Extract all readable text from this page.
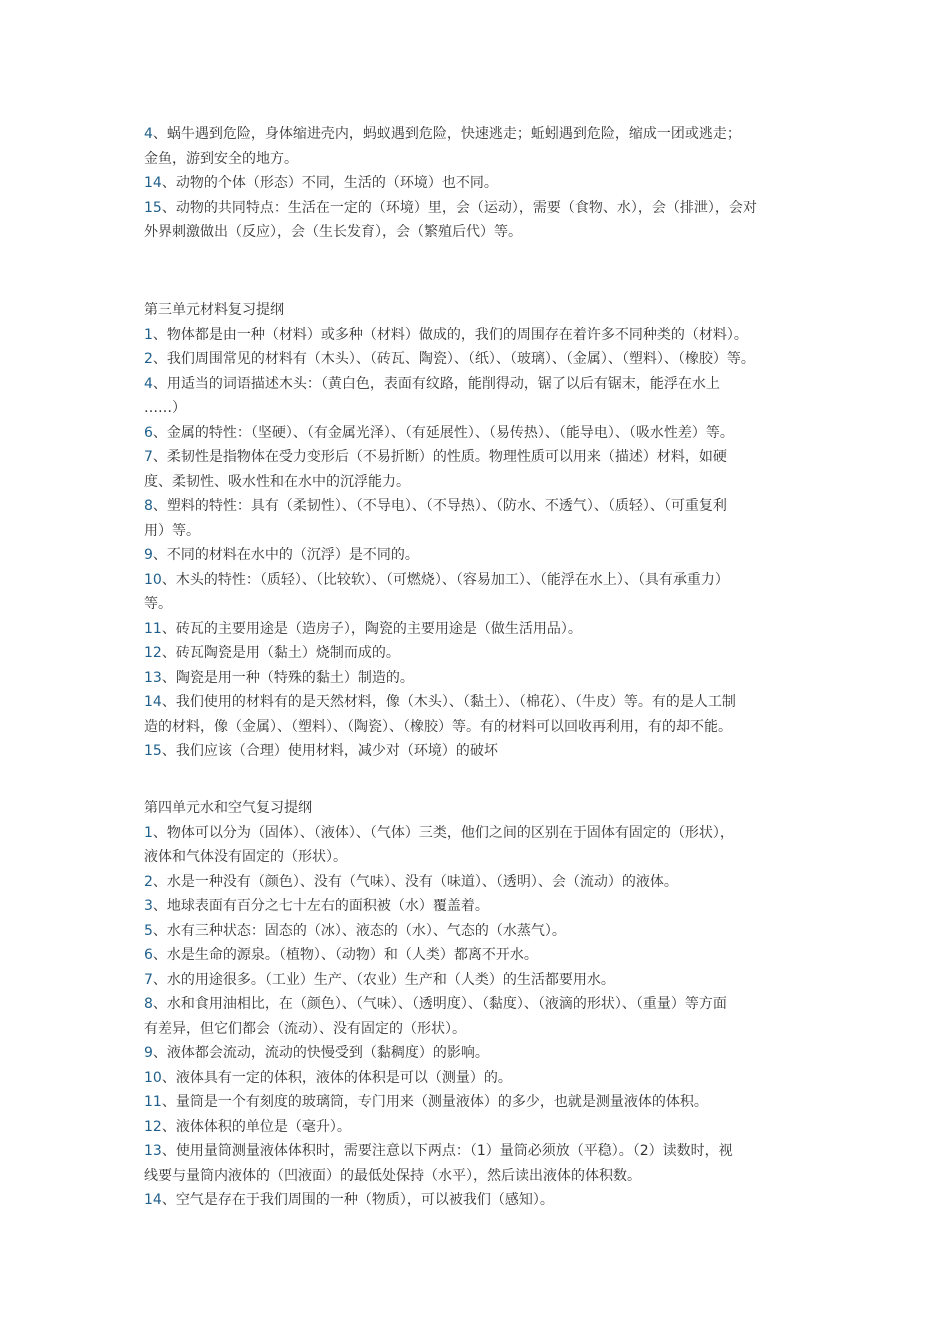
4、蜗牛遇到危险，身体缩进壳内，蚂蚁遇到危险，快速逃走；蚯蚓遇到危险，缩成一团或逃走；
金鱼，游到安全的地方。
14、动物的个体（形态）不同，生活的（环境）也不同。
15、动物的共同特点：生活在一定的（环境）里，会（运动），需要（食物、水），会（排泄），会对
外界刺激做出（反应），会（生长发育），会（繁殖后代）等。
第三单元材料复习提纲
1、物体都是由一种（材料）或多种（材料）做成的，我们的周围存在着许多不同种类的（材料）。
2、我们周围常见的材料有（木头）、（砖瓦、陶瓷）、（纸）、（玻璃）、（金属）、（塑料）、（橡胶）等。
4、用适当的词语描述木头：（黄白色，表面有纹路，能削得动，锯了以后有锯末，能浮在水上
……）
6、金属的特性：（坚硬）、（有金属光泽）、（有延展性）、（易传热）、（能导电）、（吸水性差）等。
7、柔韧性是指物体在受力变形后（不易折断）的性质。物理性质可以用来（描述）材料，如硬
度、柔韧性、吸水性和在水中的沉浮能力。
8、塑料的特性：具有（柔韧性）、（不导电）、（不导热）、（防水、不透气）、（质轻）、（可重复利
用）等。
9、不同的材料在水中的（沉浮）是不同的。
10、木头的特性：（质轻）、（比较软）、（可燃烧）、（容易加工）、（能浮在水上）、（具有承重力）
等。
11、砖瓦的主要用途是（造房子），陶瓷的主要用途是（做生活用品）。
12、砖瓦陶瓷是用（黏土）烧制而成的。
13、陶瓷是用一种（特殊的黏土）制造的。
14、我们使用的材料有的是天然材料，像（木头）、（黏土）、（棉花）、（牛皮）等。有的是人工制
造的材料，像（金属）、（塑料）、（陶瓷）、（橡胶）等。有的材料可以回收再利用，有的却不能。
15、我们应该（合理）使用材料，减少对（环境）的破坏
第四单元水和空气复习提纲
1、物体可以分为（固体）、（液体）、（气体）三类，他们之间的区别在于固体有固定的（形状），
液体和气体没有固定的（形状）。
2、水是一种没有（颜色）、没有（气味）、没有（味道）、（透明）、会（流动）的液体。
3、地球表面有百分之七十左右的面积被（水）覆盖着。
5、水有三种状态：固态的（冰）、液态的（水）、气态的（水蒸气）。
6、水是生命的源泉。（植物）、（动物）和（人类）都离不开水。
7、水的用途很多。（工业）生产、（农业）生产和（人类）的生活都要用水。
8、水和食用油相比，在（颜色）、（气味）、（透明度）、（黏度）、（液滴的形状）、（重量）等方面
有差异，但它们都会（流动）、没有固定的（形状）。
9、液体都会流动，流动的快慢受到（黏稠度）的影响。
10、液体具有一定的体积，液体的体积是可以（测量）的。
11、量筒是一个有刻度的玻璃筒，专门用来（测量液体）的多少，也就是测量液体的体积。
12、液体体积的单位是（毫升）。
13、使用量筒测量液体体积时，需要注意以下两点：（1）量筒必须放（平稳）。（2）读数时，视
线要与量筒内液体的（凹液面）的最低处保持（水平），然后读出液体的体积数。
14、空气是存在于我们周围的一种（物质），可以被我们（感知）。
